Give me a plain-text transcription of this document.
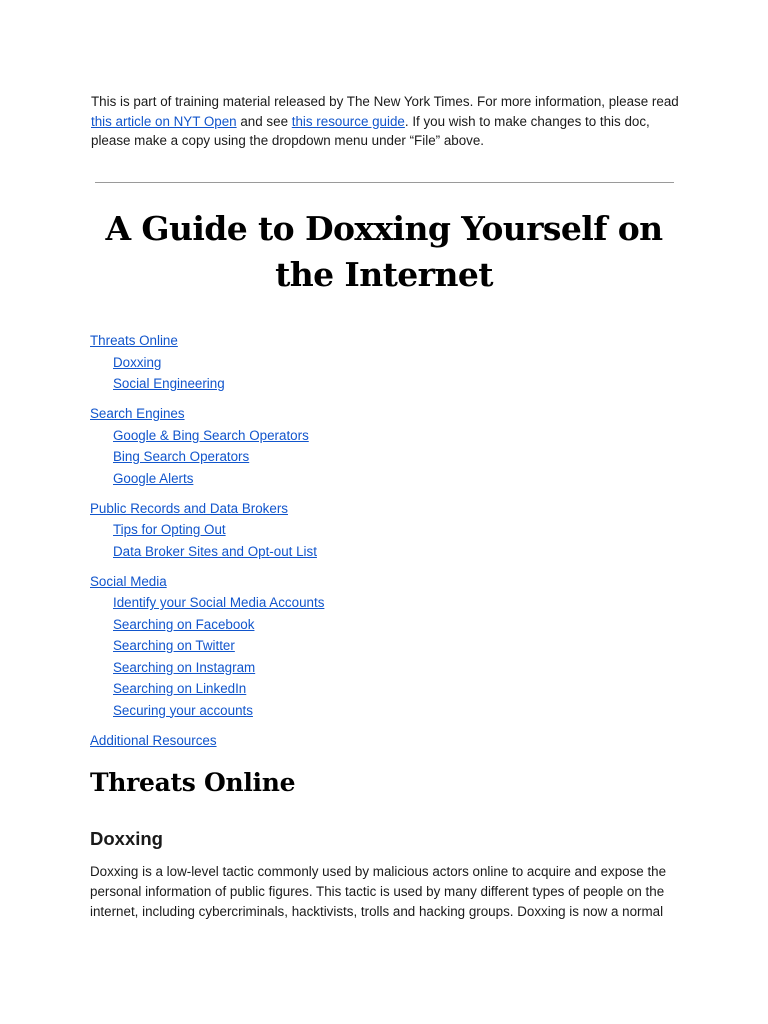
This is part of training material released by The New York Times. For more information, please read this article on NYT Open and see this resource guide. If you wish to make changes to this doc, please make a copy using the dropdown menu under “File” above.
A Guide to Doxxing Yourself on
the Internet
Threats Online
Doxxing
Social Engineering
Search Engines
Google & Bing Search Operators
Bing Search Operators
Google Alerts
Public Records and Data Brokers
Tips for Opting Out
Data Broker Sites and Opt-out List
Social Media
Identify your Social Media Accounts
Searching on Facebook
Searching on Twitter
Searching on Instagram
Searching on LinkedIn
Securing your accounts
Additional Resources
Threats Online
Doxxing

Doxxing is a low-level tactic commonly used by malicious actors online to acquire and expose the
personal information of public figures. This tactic is used by many different types of people on the
internet, including cybercriminals, hacktivists, trolls and hacking groups. Doxxing is now a normal
